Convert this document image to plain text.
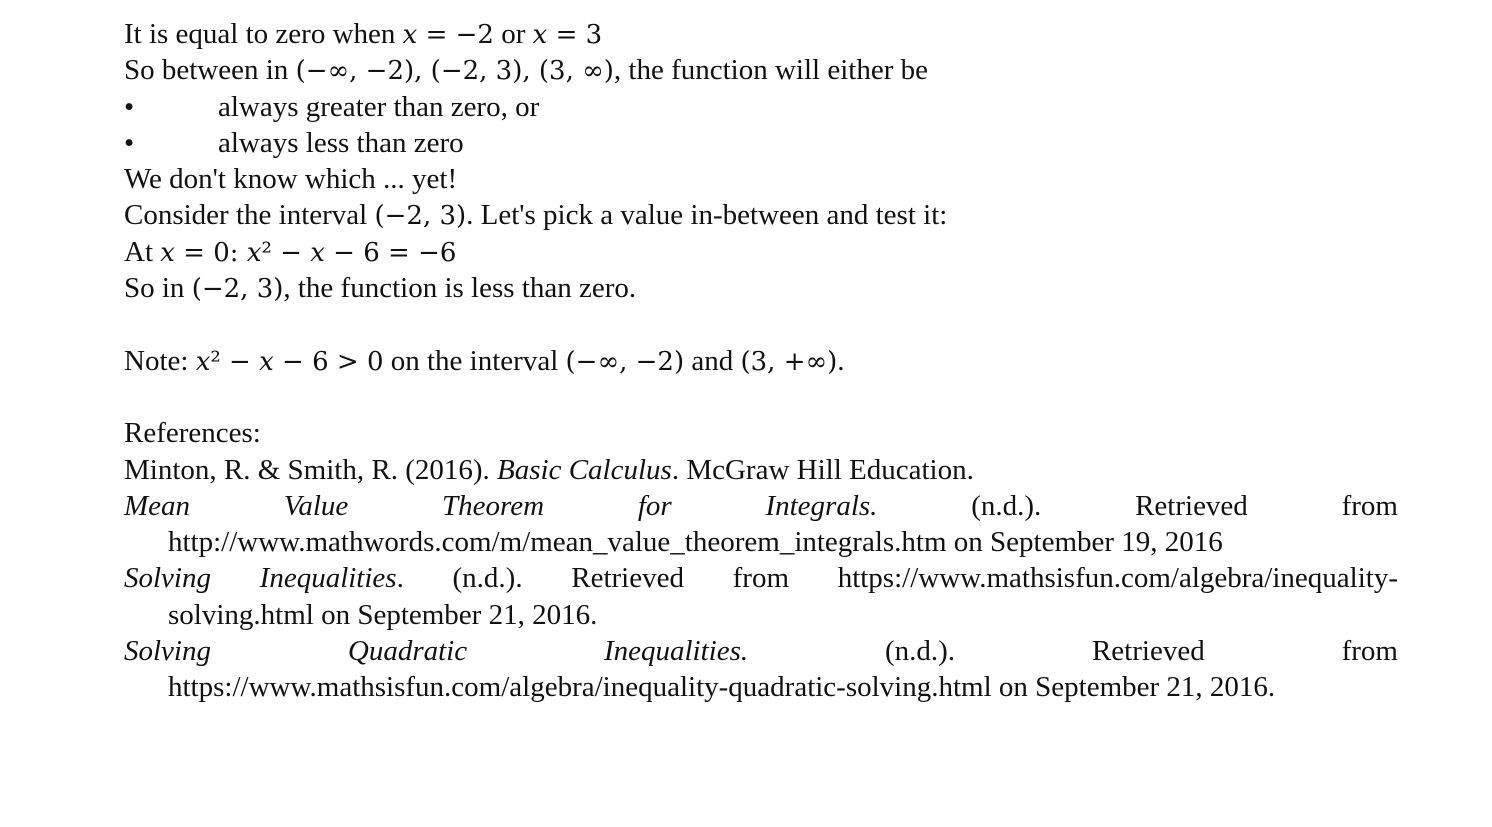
It is equal to zero when x = −2 or x = 3
So between in (−∞, −2), (−2, 3), (3, ∞), the function will either be
•	always greater than zero, or
•	always less than zero
We don't know which ... yet!
Consider the interval (−2, 3). Let's pick a value in-between and test it:
At x = 0: x² − x − 6 = −6
So in (−2, 3), the function is less than zero.
Note: x² − x − 6 > 0 on the interval (−∞, −2) and (3, +∞).
References:
Minton, R. & Smith, R. (2016). Basic Calculus. McGraw Hill Education.
Mean	Value	Theorem	for	Integrals.	(n.d.).	Retrieved	from
http://www.mathwords.com/m/mean_value_theorem_integrals.htm on September 19, 2016
Solving Inequalities. (n.d.). Retrieved from https://www.mathsisfun.com/algebra/inequality-
solving.html on September 21, 2016.
Solving	Quadratic	Inequalities.	(n.d.).	Retrieved	from
https://www.mathsisfun.com/algebra/inequality-quadratic-solving.html on September 21, 2016.
